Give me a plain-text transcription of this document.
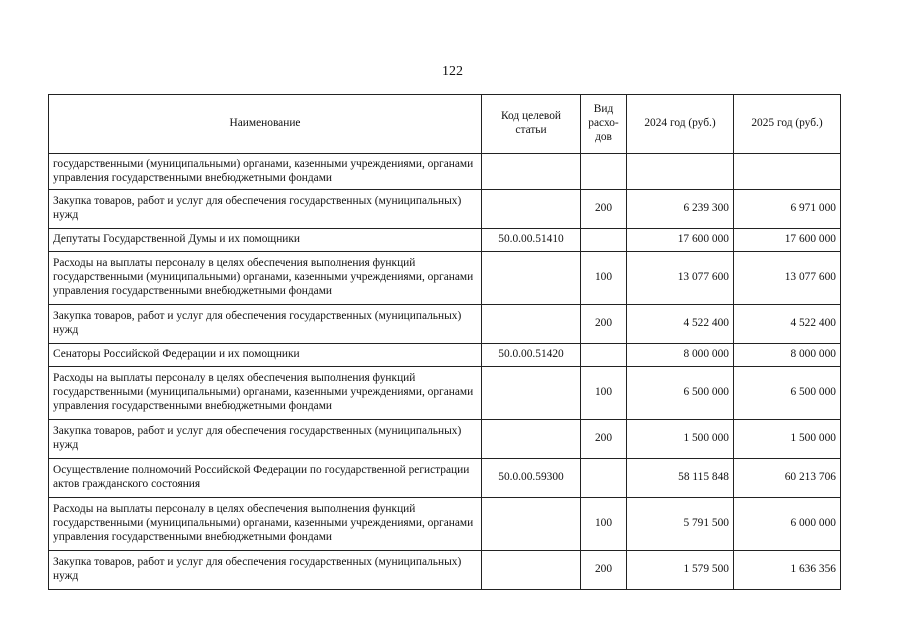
122
Наименование	Код целевой статьи	Вид расхо-дов	2024 год (руб.)	2025 год (руб.)
государственными (муниципальными) органами, казенными учреждениями, органами управления государственными внебюджетными фондами				
Закупка товаров, работ и услуг для обеспечения государственных (муниципальных) нужд		200	6 239 300	6 971 000
Депутаты Государственной Думы и их помощники	50.0.00.51410		17 600 000	17 600 000
Расходы на выплаты персоналу в целях обеспечения выполнения функций государственными (муниципальными) органами, казенными учреждениями, органами управления государственными внебюджетными фондами		100	13 077 600	13 077 600
Закупка товаров, работ и услуг для обеспечения государственных (муниципальных) нужд		200	4 522 400	4 522 400
Сенаторы Российской Федерации и их помощники	50.0.00.51420		8 000 000	8 000 000
Расходы на выплаты персоналу в целях обеспечения выполнения функций государственными (муниципальными) органами, казенными учреждениями, органами управления государственными внебюджетными фондами		100	6 500 000	6 500 000
Закупка товаров, работ и услуг для обеспечения государственных (муниципальных) нужд		200	1 500 000	1 500 000
Осуществление полномочий Российской Федерации по государственной регистрации актов гражданского состояния	50.0.00.59300		58 115 848	60 213 706
Расходы на выплаты персоналу в целях обеспечения выполнения функций государственными (муниципальными) органами, казенными учреждениями, органами управления государственными внебюджетными фондами		100	5 791 500	6 000 000
Закупка товаров, работ и услуг для обеспечения государственных (муниципальных) нужд		200	1 579 500	1 636 356
